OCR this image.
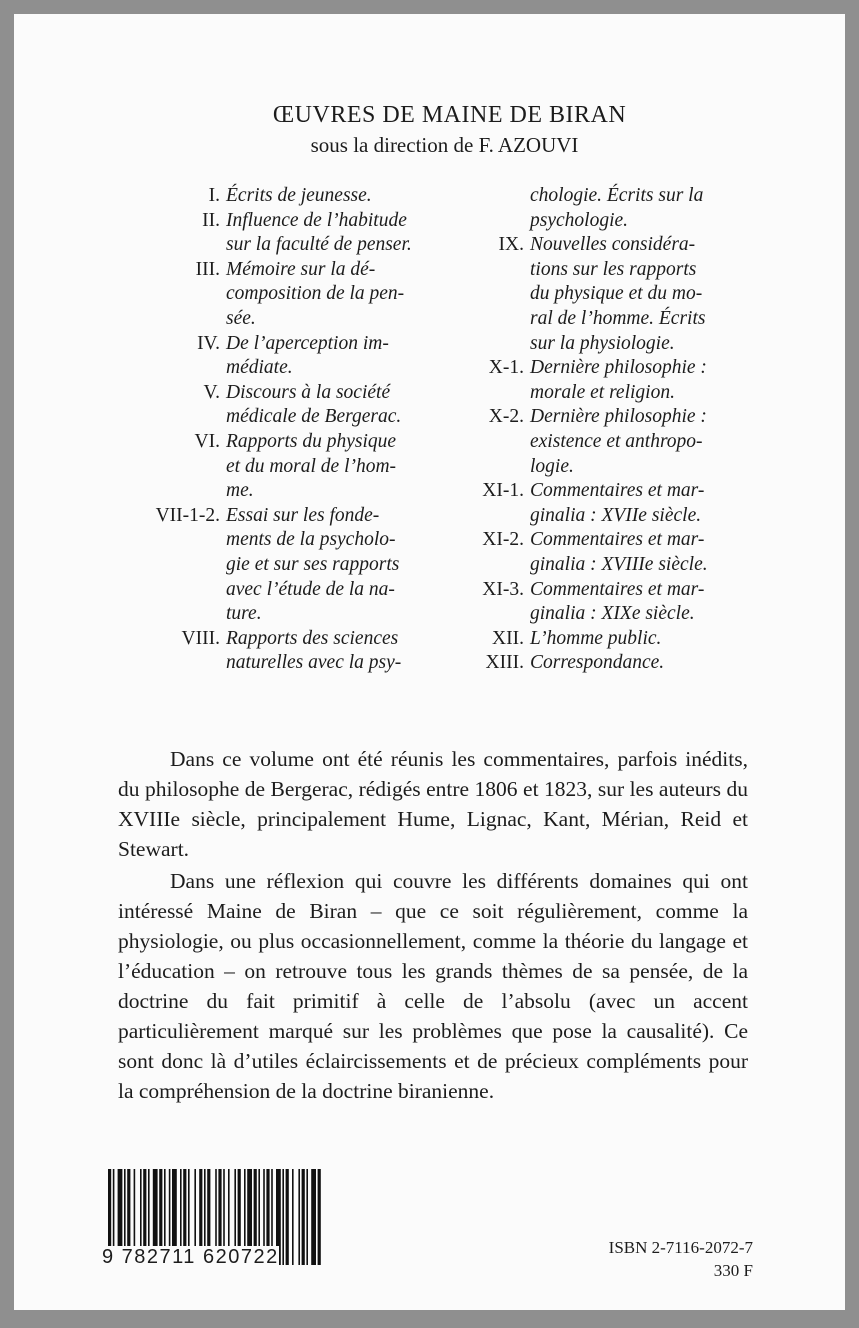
ŒUVRES DE MAINE DE BIRAN
sous la direction de F. AZOUVI
I. Écrits de jeunesse.
II. Influence de l’habitude
sur la faculté de penser.
III. Mémoire sur la dé-
composition de la pen-
sée.
IV. De l’aperception im-
médiate.
V. Discours à la société
médicale de Bergerac.
VI. Rapports du physique
et du moral de l’hom-
me.
VII-1-2. Essai sur les fonde-
ments de la psycholo-
gie et sur ses rapports
avec l’étude de la na-
ture.
VIII. Rapports des sciences
naturelles avec la psy-
chologie. Écrits sur la
psychologie.
IX. Nouvelles considéra-
tions sur les rapports
du physique et du mo-
ral de l’homme. Écrits
sur la physiologie.
X-1. Dernière philosophie :
morale et religion.
X-2. Dernière philosophie :
existence et anthropo-
logie.
XI-1. Commentaires et mar-
ginalia : XVIIe siècle.
XI-2. Commentaires et mar-
ginalia : XVIIIe siècle.
XI-3. Commentaires et mar-
ginalia : XIXe siècle.
XII. L’homme public.
XIII. Correspondance.
Dans ce volume ont été réunis les commentaires, parfois inédits, du philosophe de Bergerac, rédigés entre 1806 et 1823, sur les auteurs du XVIIIe siècle, principalement Hume, Lignac, Kant, Mérian, Reid et Stewart.
Dans une réflexion qui couvre les différents domaines qui ont intéressé Maine de Biran – que ce soit régulièrement, comme la physiologie, ou plus occasionnellement, comme la théorie du langage et l’éducation – on retrouve tous les grands thèmes de sa pensée, de la doctrine du fait primitif à celle de l’absolu (avec un accent particulièrement marqué sur les problèmes que pose la causalité). Ce sont donc là d’utiles éclaircissements et de précieux compléments pour la compréhension de la doctrine biranienne.
9 782711 620722	ISBN 2-7116-2072-7
330 F
